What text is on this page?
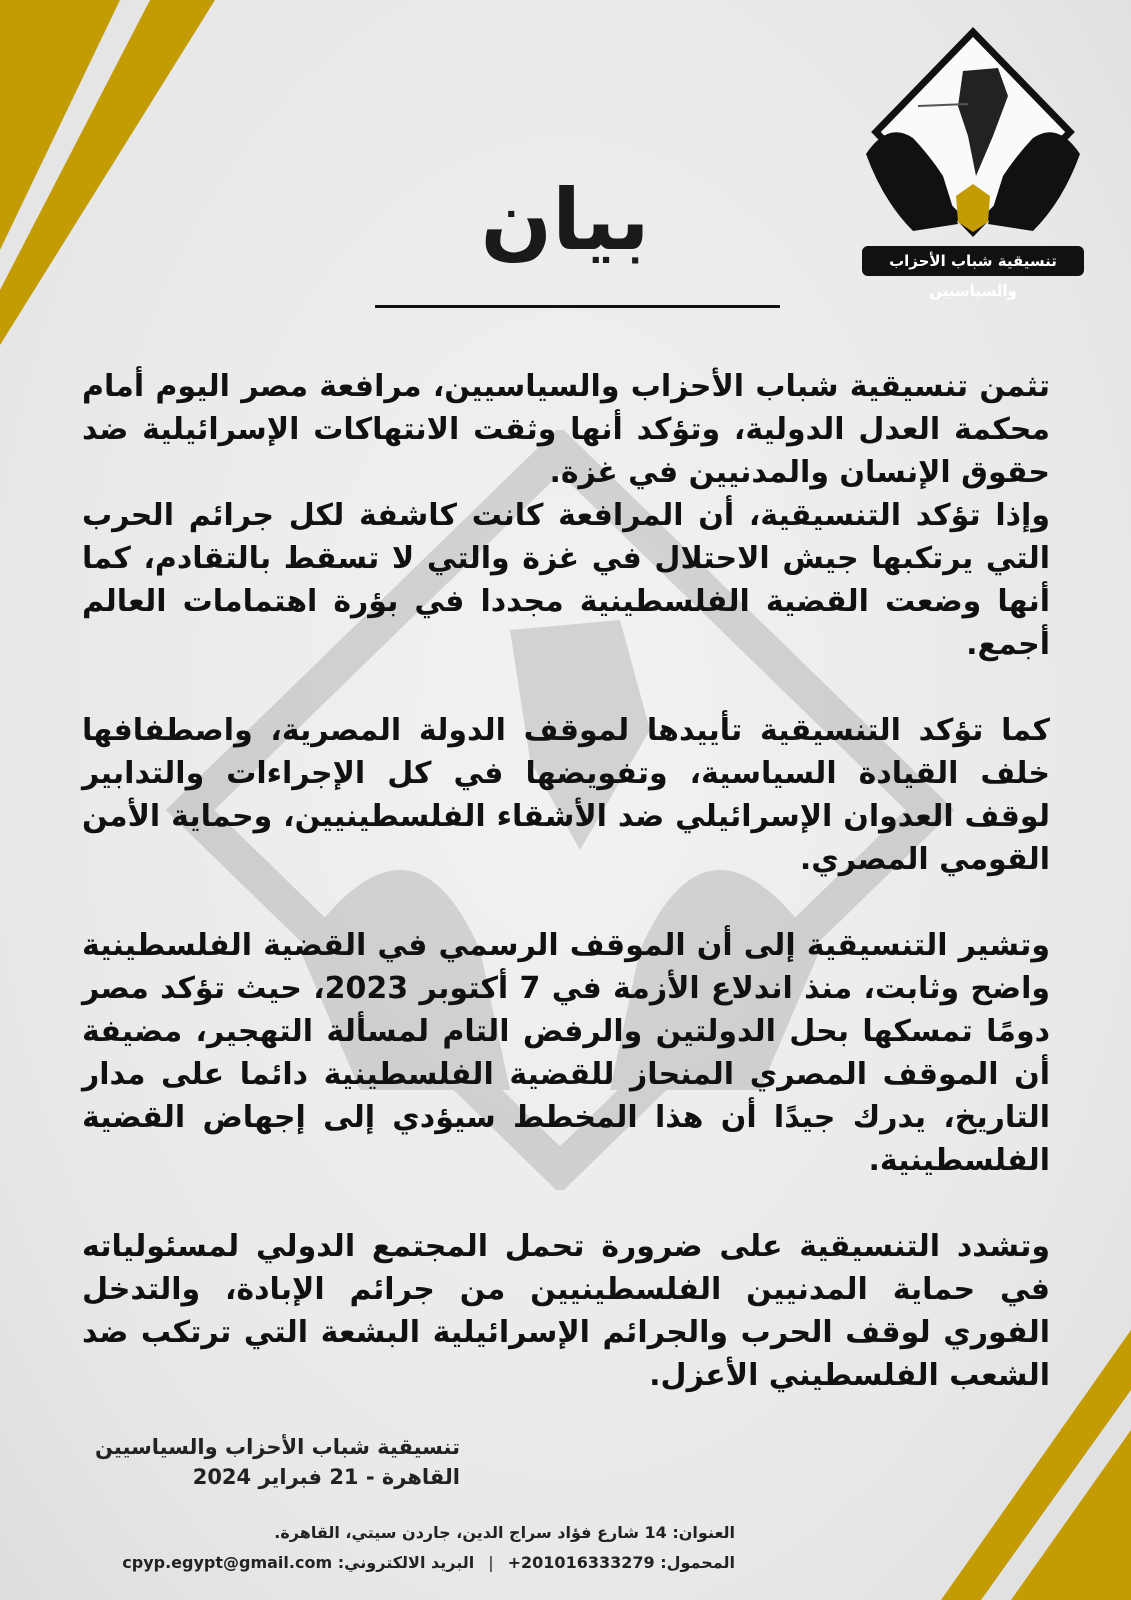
تنسيقية شباب الأحزاب والسياسيين
بيان

تثمن تنسيقية شباب الأحزاب والسياسيين، مرافعة مصر اليوم أمام محكمة العدل الدولية، وتؤكد أنها وثقت الانتهاكات الإسرائيلية ضد حقوق الإنسان والمدنيين في غزة.

وإذا تؤكد التنسيقية، أن المرافعة كانت كاشفة لكل جرائم الحرب التي يرتكبها جيش الاحتلال في غزة والتي لا تسقط بالتقادم، كما أنها وضعت القضية الفلسطينية مجددا في بؤرة اهتمامات العالم أجمع.

كما تؤكد التنسيقية تأييدها لموقف الدولة المصرية، واصطفافها خلف القيادة السياسية، وتفويضها في كل الإجراءات والتدابير لوقف العدوان الإسرائيلي ضد الأشقاء الفلسطينيين، وحماية الأمن القومي المصري.

وتشير التنسيقية إلى أن الموقف الرسمي في القضية الفلسطينية واضح وثابت، منذ اندلاع الأزمة في 7 أكتوبر 2023، حيث تؤكد مصر دومًا تمسكها بحل الدولتين والرفض التام لمسألة التهجير، مضيفة أن الموقف المصري المنحاز للقضية الفلسطينية دائما على مدار التاريخ، يدرك جيدًا أن هذا المخطط سيؤدي إلى إجهاض القضية الفلسطينية.

وتشدد التنسيقية على ضرورة تحمل المجتمع الدولي لمسئولياته في حماية المدنيين الفلسطينيين من جرائم الإبادة، والتدخل الفوري لوقف الحرب والجرائم الإسرائيلية البشعة التي ترتكب ضد الشعب الفلسطيني الأعزل.

تنسيقية شباب الأحزاب والسياسيين
القاهرة - 21 فبراير 2024
العنوان:

14 شارع فؤاد سراج الدين، جاردن سيتي، القاهرة.
المحمول:

+201016333279
|
البريد الالكتروني:

cpyp.egypt@gmail.com
